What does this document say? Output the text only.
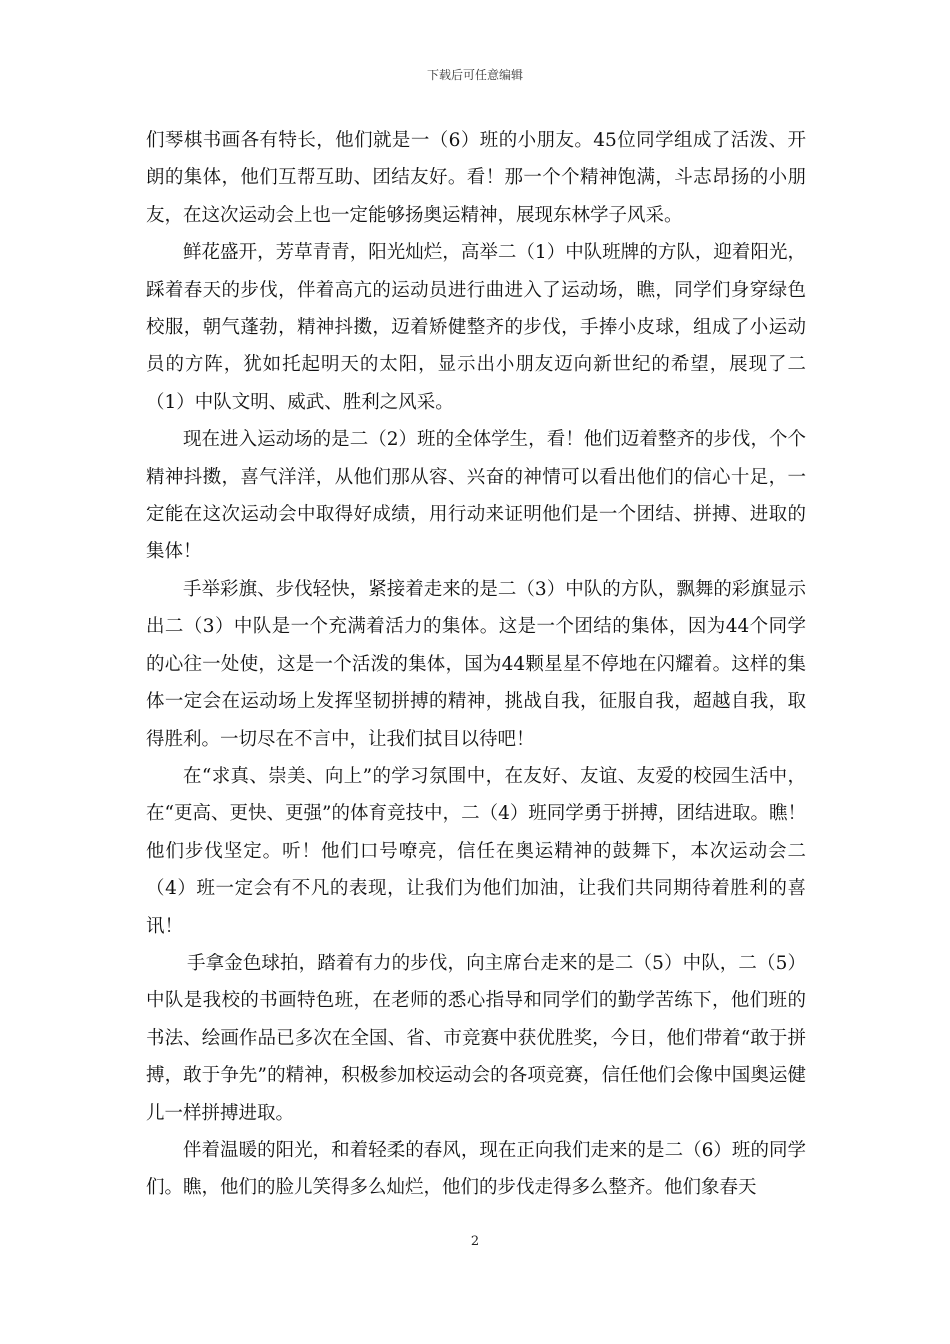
下载后可任意编辑

们琴棋书画各有特长，他们就是一（6）班的小朋友。45位同学组成了活泼、开朗的集体，他们互帮互助、团结友好。看！那一个个精神饱满，斗志昂扬的小朋友，在这次运动会上也一定能够扬奥运精神，展现东林学子风采。

鲜花盛开，芳草青青，阳光灿烂，高举二（1）中队班牌的方队，迎着阳光，踩着春天的步伐，伴着高亢的运动员进行曲进入了运动场，瞧，同学们身穿绿色校服，朝气蓬勃，精神抖擞，迈着矫健整齐的步伐，手捧小皮球，组成了小运动员的方阵，犹如托起明天的太阳，显示出小朋友迈向新世纪的希望，展现了二（1）中队文明、威武、胜利之风采。

现在进入运动场的是二（2）班的全体学生，看！他们迈着整齐的步伐，个个精神抖擞，喜气洋洋，从他们那从容、兴奋的神情可以看出他们的信心十足，一定能在这次运动会中取得好成绩，用行动来证明他们是一个团结、拼搏、进取的集体！

手举彩旗、步伐轻快，紧接着走来的是二（3）中队的方队，飘舞的彩旗显示出二（3）中队是一个充满着活力的集体。这是一个团结的集体，因为44个同学的心往一处使，这是一个活泼的集体，国为44颗星星不停地在闪耀着。这样的集体一定会在运动场上发挥坚韧拼搏的精神，挑战自我，征服自我，超越自我，取得胜利。一切尽在不言中，让我们拭目以待吧！

在“求真、崇美、向上”的学习氛围中，在友好、友谊、友爱的校园生活中，在“更高、更快、更强”的体育竞技中，二（4）班同学勇于拼搏，团结进取。瞧！他们步伐坚定。听！他们口号嘹亮，信任在奥运精神的鼓舞下，本次运动会二（4）班一定会有不凡的表现，让我们为他们加油，让我们共同期待着胜利的喜讯！

手拿金色球拍，踏着有力的步伐，向主席台走来的是二（5）中队，二（5）中队是我校的书画特色班，在老师的悉心指导和同学们的勤学苦练下，他们班的书法、绘画作品已多次在全国、省、市竞赛中获优胜奖，今日，他们带着“敢于拼搏，敢于争先”的精神，积极参加校运动会的各项竞赛，信任他们会像中国奥运健儿一样拼搏进取。

伴着温暖的阳光，和着轻柔的春风，现在正向我们走来的是二（6）班的同学们。瞧，他们的脸儿笑得多么灿烂，他们的步伐走得多么整齐。他们象春天

2
